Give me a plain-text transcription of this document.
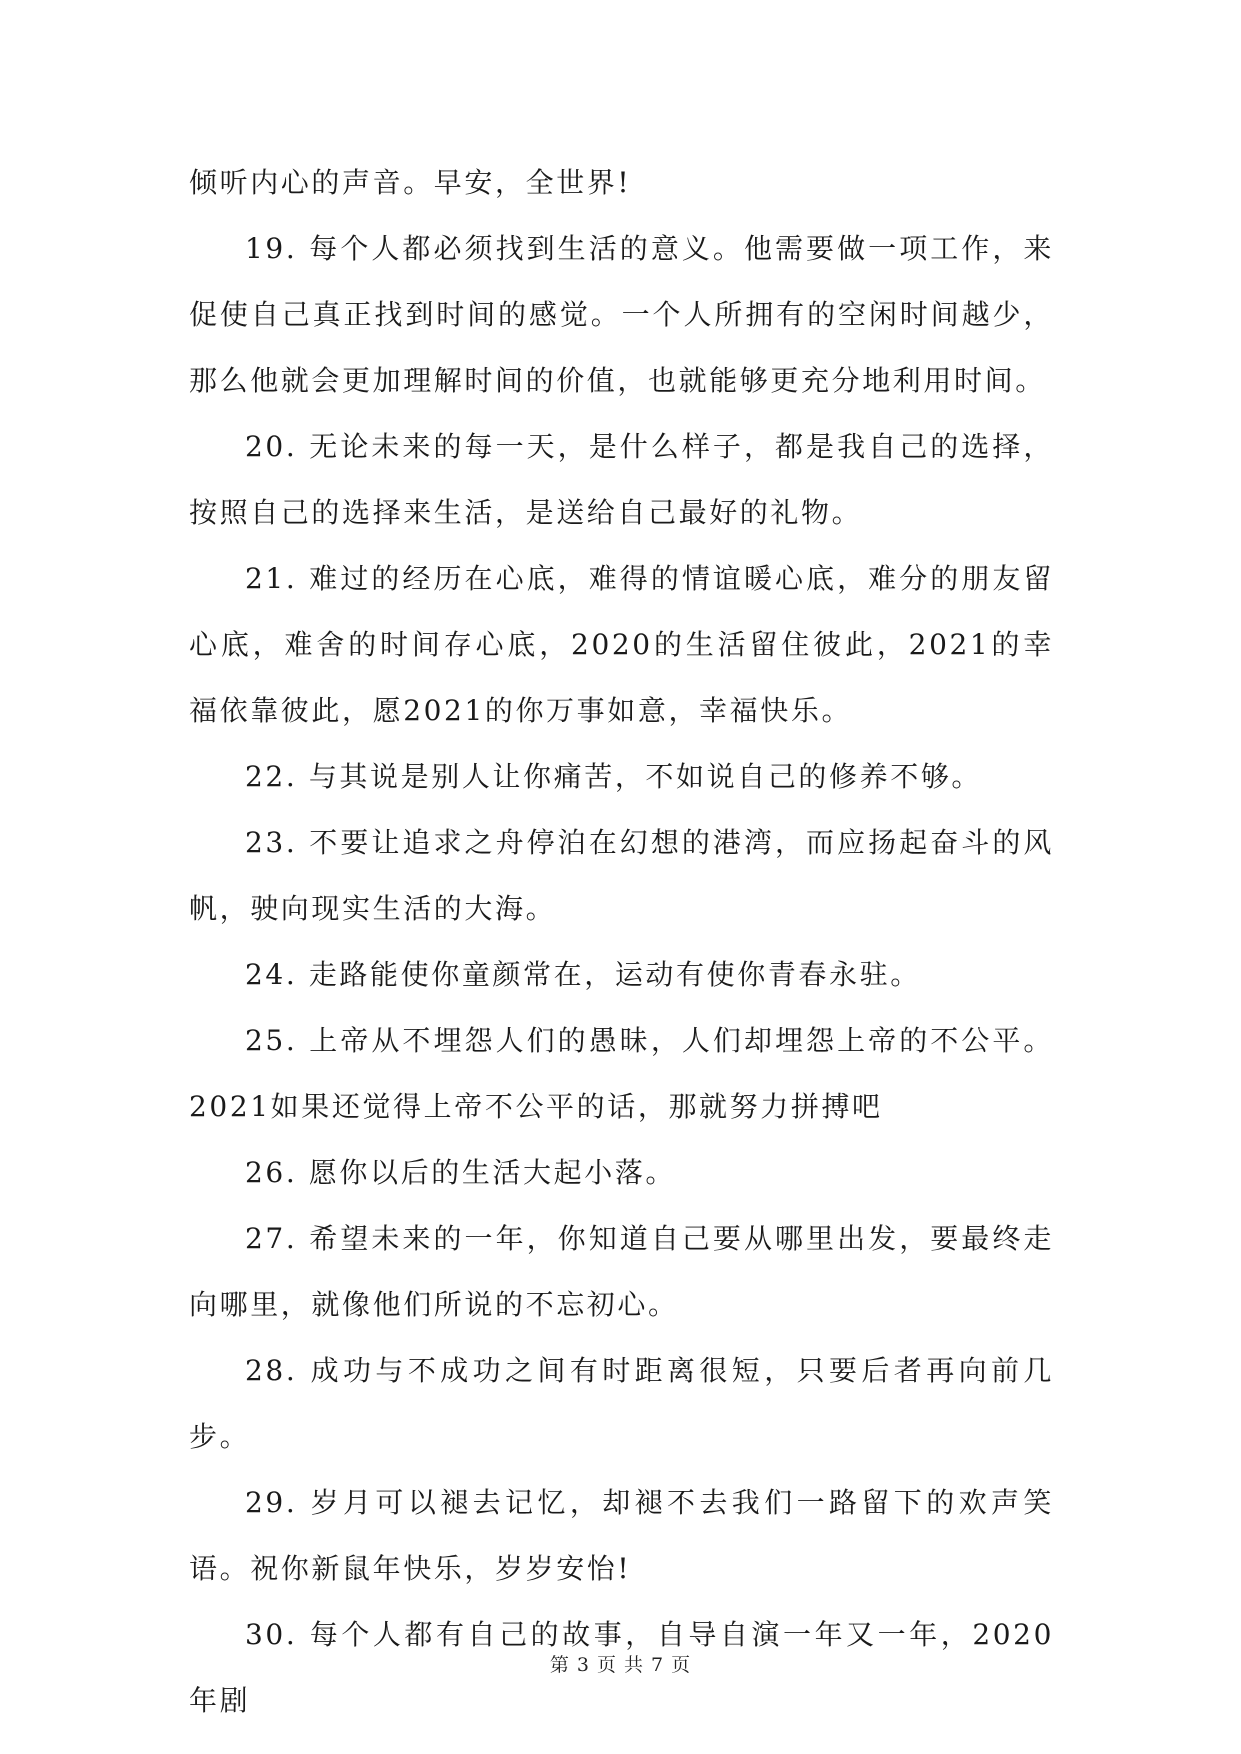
倾听内心的声音。早安，全世界!

19. 每个人都必须找到生活的意义。他需要做一项工作，来促使自己真正找到时间的感觉。一个人所拥有的空闲时间越少，那么他就会更加理解时间的价值，也就能够更充分地利用时间。

20. 无论未来的每一天，是什么样子，都是我自己的选择，按照自己的选择来生活，是送给自己最好的礼物。

21. 难过的经历在心底，难得的情谊暖心底，难分的朋友留心底，难舍的时间存心底，2020的生活留住彼此，2021的幸福依靠彼此，愿2021的你万事如意，幸福快乐。

22. 与其说是别人让你痛苦，不如说自己的修养不够。

23. 不要让追求之舟停泊在幻想的港湾，而应扬起奋斗的风帆，驶向现实生活的大海。

24. 走路能使你童颜常在，运动有使你青春永驻。

25. 上帝从不埋怨人们的愚昧，人们却埋怨上帝的不公平。2021如果还觉得上帝不公平的话，那就努力拼搏吧

26. 愿你以后的生活大起小落。

27. 希望未来的一年，你知道自己要从哪里出发，要最终走向哪里，就像他们所说的不忘初心。

28. 成功与不成功之间有时距离很短，只要后者再向前几步。

29. 岁月可以褪去记忆，却褪不去我们一路留下的欢声笑语。祝你新鼠年快乐，岁岁安怡!

30. 每个人都有自己的故事，自导自演一年又一年，2020年剧

第 3 页 共 7 页
